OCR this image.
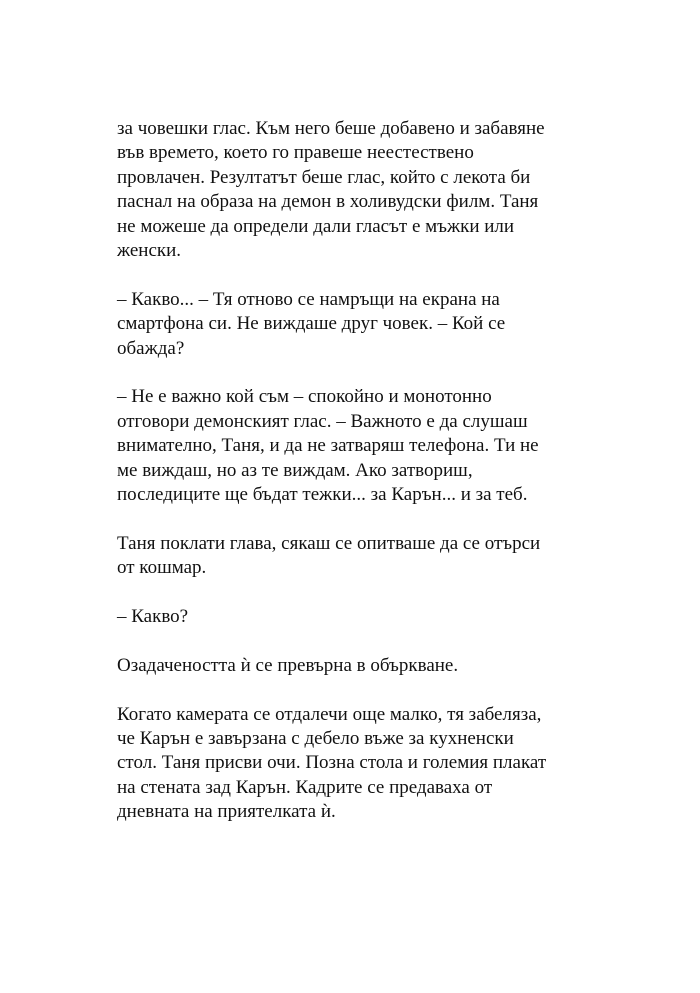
за човешки глас. Към него беше добавено и забавяне
във времето, което го правеше неестествено
провлачен. Резултатът беше глас, който с лекота би
паснал на образа на демон в холивудски филм. Таня
не можеше да определи дали гласът е мъжки или
женски.

– Какво... – Тя отново се намръщи на екрана на
смартфона си. Не виждаше друг човек. – Кой се
обажда?

– Не е важно кой съм – спокойно и монотонно
отговори демонският глас. – Важното е да слушаш
внимателно, Таня, и да не затваряш телефона. Ти не
ме виждаш, но аз те виждам. Ако затвориш,
последиците ще бъдат тежки... за Карън... и за теб.

Таня поклати глава, сякаш се опитваше да се отърси
от кошмар.

– Какво?

Озадачеността ѝ се превърна в объркване.

Когато камерата се отдалечи още малко, тя забеляза,
че Карън е завързана с дебело въже за кухненски
стол. Таня присви очи. Позна стола и големия плакат
на стената зад Карън. Кадрите се предаваха от
дневната на приятелката ѝ.
